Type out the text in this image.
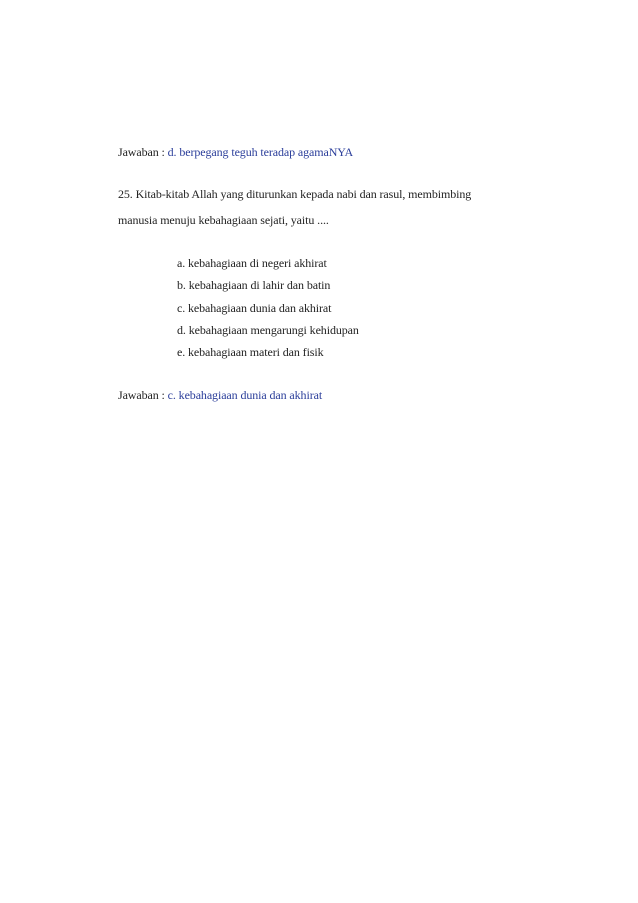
Jawaban : d. berpegang teguh teradap agamaNYA
25. Kitab-kitab Allah yang diturunkan kepada nabi dan rasul, membimbing
manusia menuju kebahagiaan sejati, yaitu ....
a. kebahagiaan di negeri akhirat
b. kebahagiaan di lahir dan batin
c. kebahagiaan dunia dan akhirat
d. kebahagiaan mengarungi kehidupan
e. kebahagiaan materi dan fisik
Jawaban : c. kebahagiaan dunia dan akhirat
